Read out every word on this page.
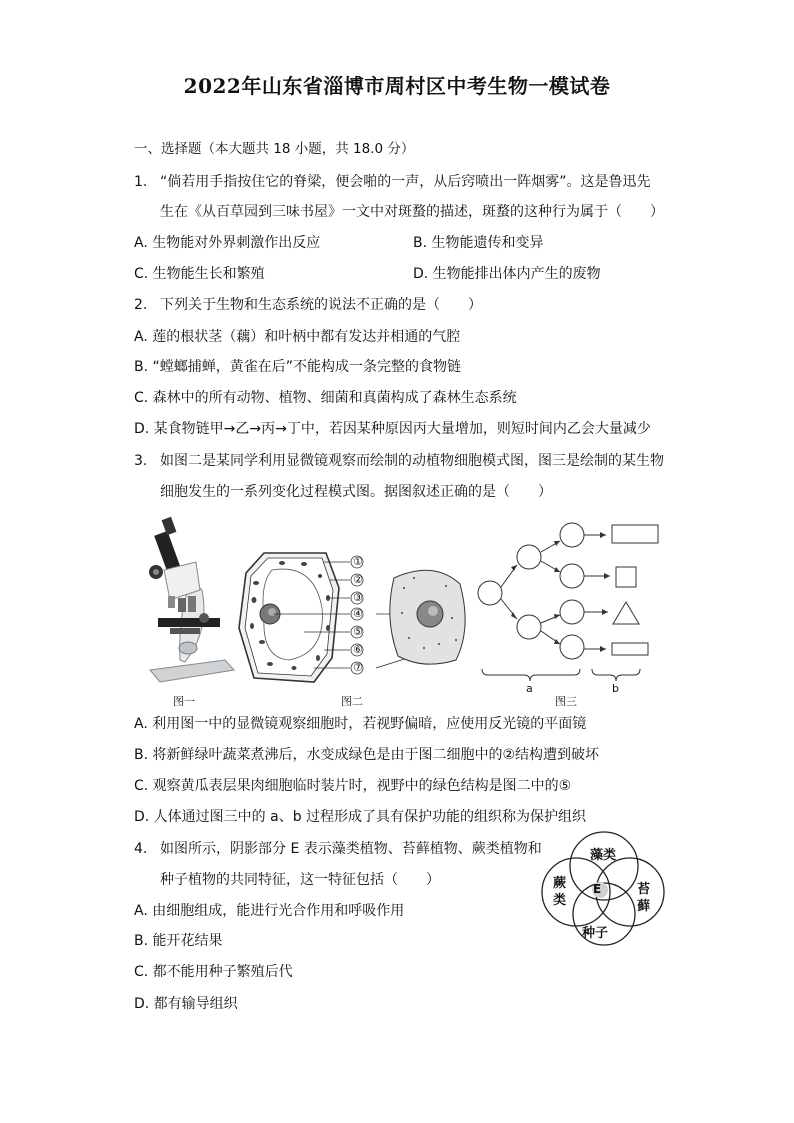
2022年山东省淄博市周村区中考生物一模试卷
一、选择题（本大题共 18 小题，共 18.0 分）
1. “倘若用手指按住它的脊梁，便会啪的一声，从后窍喷出一阵烟雾”。这是鲁迅先
生在《从百草园到三味书屋》一文中对斑蝥的描述，斑蝥的这种行为属于（　　）
A. 生物能对外界刺激作出反应	B. 生物能遗传和变异
C. 生物能生长和繁殖	D. 生物能排出体内产生的废物
2. 下列关于生物和生态系统的说法不正确的是（　　）
A. 莲的根状茎（藕）和叶柄中都有发达并相通的气腔
B. “螳螂捕蝉，黄雀在后”不能构成一条完整的食物链
C. 森林中的所有动物、植物、细菌和真菌构成了森林生态系统
D. 某食物链甲→乙→丙→丁中，若因某种原因丙大量增加，则短时间内乙会大量减少
3. 如图二是某同学利用显微镜观察而绘制的动植物细胞模式图，图三是绘制的某生物
细胞发生的一系列变化过程模式图。据图叙述正确的是（　　）
图一
①
②
③
④
⑤
⑥
⑦
图二
a	b
图三
A. 利用图一中的显微镜观察细胞时，若视野偏暗，应使用反光镜的平面镜
B. 将新鲜绿叶蔬菜煮沸后，水变成绿色是由于图二细胞中的②结构遭到破坏
C. 观察黄瓜表层果肉细胞临时装片时，视野中的绿色结构是图二中的⑤
D. 人体通过图三中的 a、b 过程形成了具有保护功能的组织称为保护组织
4. 如图所示，阴影部分 E 表示藻类植物、苔藓植物、蕨类植物和
种子植物的共同特征，这一特征包括（　　）
藻类
蕨
类
苔
藓
种子
E
A. 由细胞组成，能进行光合作用和呼吸作用
B. 能开花结果
C. 都不能用种子繁殖后代
D. 都有输导组织
